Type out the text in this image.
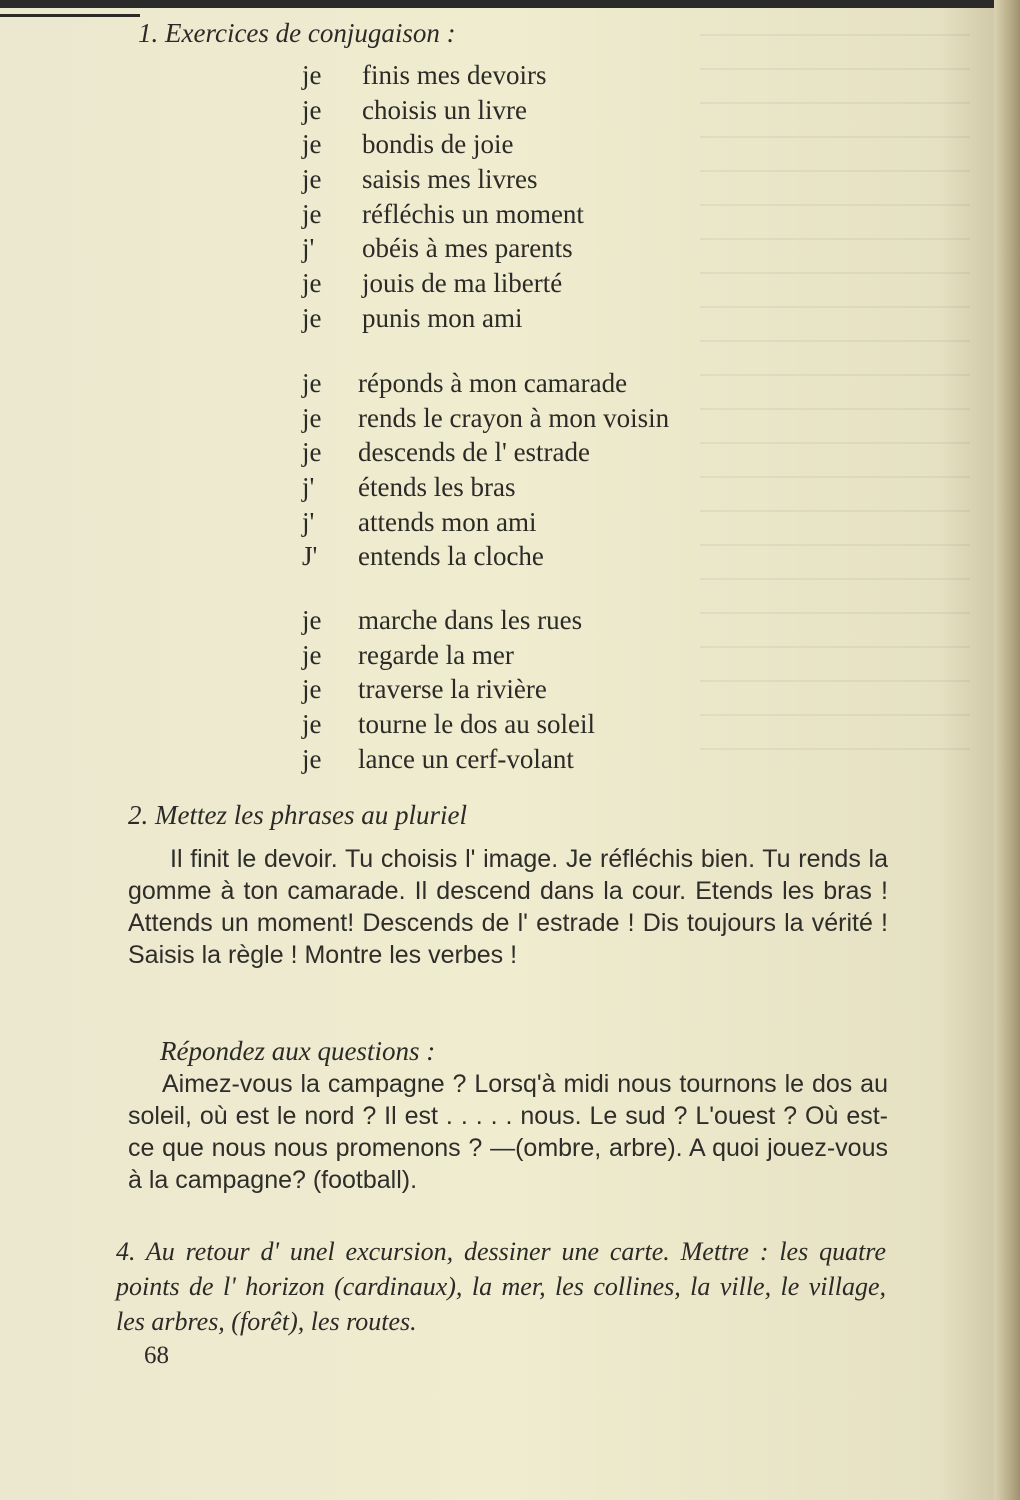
1. Exercices de conjugaison :
je finis mes devoirs
je choisis un livre
je bondis de joie
je saisis mes livres
je réfléchis un moment
j' obéis à mes parents
je jouis de ma liberté
je punis mon ami
je réponds à mon camarade
je rends le crayon à mon voisin
je descends de l' estrade
j' étends les bras
j' attends mon ami
J' entends la cloche
je marche dans les rues
je regarde la mer
je traverse la rivière
je tourne le dos au soleil
je lance un cerf-volant
2. Mettez les phrases au pluriel
Il finit le devoir. Tu choisis l' image. Je réfléchis bien. Tu rends la gomme à ton camarade. Il descend dans la cour. Etends les bras ! Attends un moment! Descends de l' estrade ! Dis toujours la vérité ! Saisis la règle ! Montre les verbes !
Répondez aux questions :
Aimez-vous la campagne ? Lorsq'à midi nous tournons le dos au soleil, où est le nord ? Il est . . . . . nous. Le sud ? L'ouest ? Où est-ce que nous nous promenons ? —(ombre, arbre). A quoi jouez-vous à la campagne? (football).
4. Au retour d' unel excursion, dessiner une carte. Mettre : les quatre points de l' horizon (cardinaux), la mer, les collines, la ville, le village, les arbres, (forêt), les routes.
68
